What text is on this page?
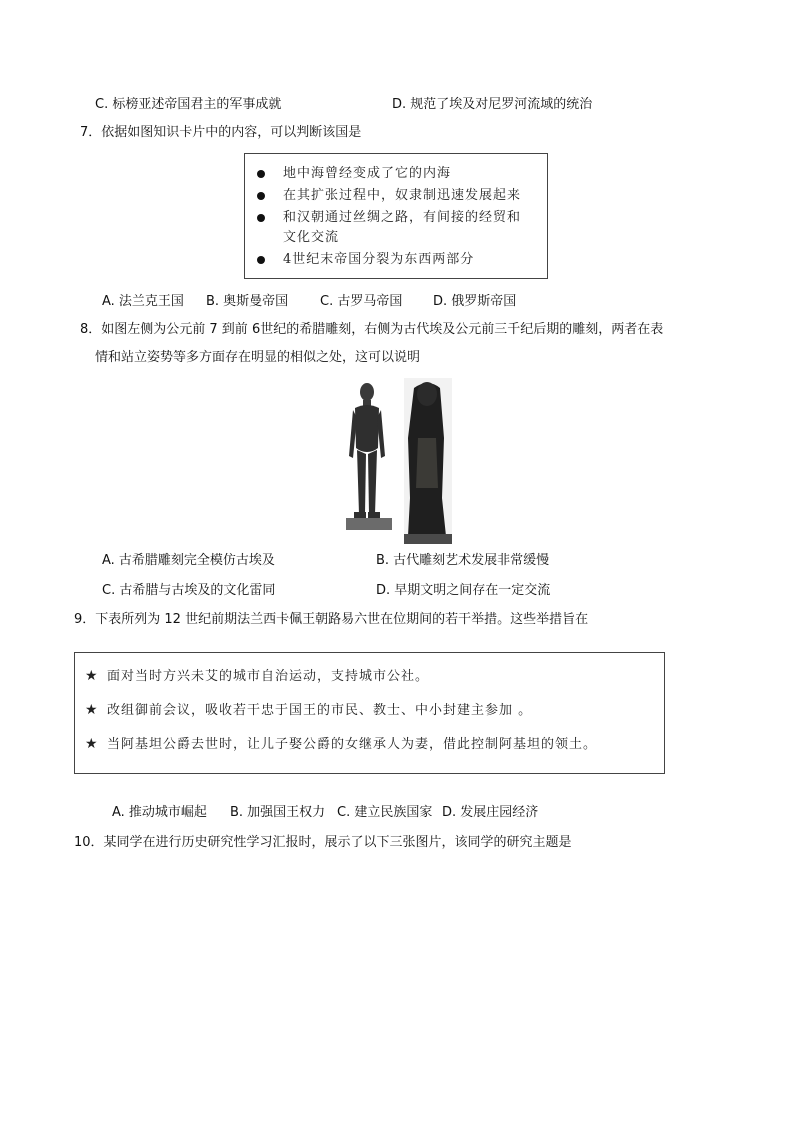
C. 标榜亚述帝国君主的军事成就	D. 规范了埃及对尼罗河流域的统治
7．依据如图知识卡片中的内容，可以判断该国是
地中海曾经变成了它的内海
在其扩张过程中，奴隶制迅速发展起来
和汉朝通过丝绸之路，有间接的经贸和
文化交流
4世纪末帝国分裂为东西两部分
A. 法兰克王国 B. 奥斯曼帝国 C. 古罗马帝国 D. 俄罗斯帝国
8．如图左侧为公元前 7 到前 6世纪的希腊雕刻，右侧为古代埃及公元前三千纪后期的雕刻，两者在表
情和站立姿势等多方面存在明显的相似之处，这可以说明
A. 古希腊雕刻完全模仿古埃及	B. 古代雕刻艺术发展非常缓慢
C. 古希腊与古埃及的文化雷同	D. 早期文明之间存在一定交流
9．下表所列为 12 世纪前期法兰西卡佩王朝路易六世在位期间的若干举措。这些举措旨在
★ 面对当时方兴未艾的城市自治运动，支持城市公社。
★ 改组御前会议，吸收若干忠于国王的市民、教士、中小封建主参加 。
★ 当阿基坦公爵去世时，让儿子娶公爵的女继承人为妻，借此控制阿基坦的领土。
A. 推动城市崛起 B. 加强国王权力 C. 建立民族国家 D. 发展庄园经济
10．某同学在进行历史研究性学习汇报时，展示了以下三张图片，该同学的研究主题是
